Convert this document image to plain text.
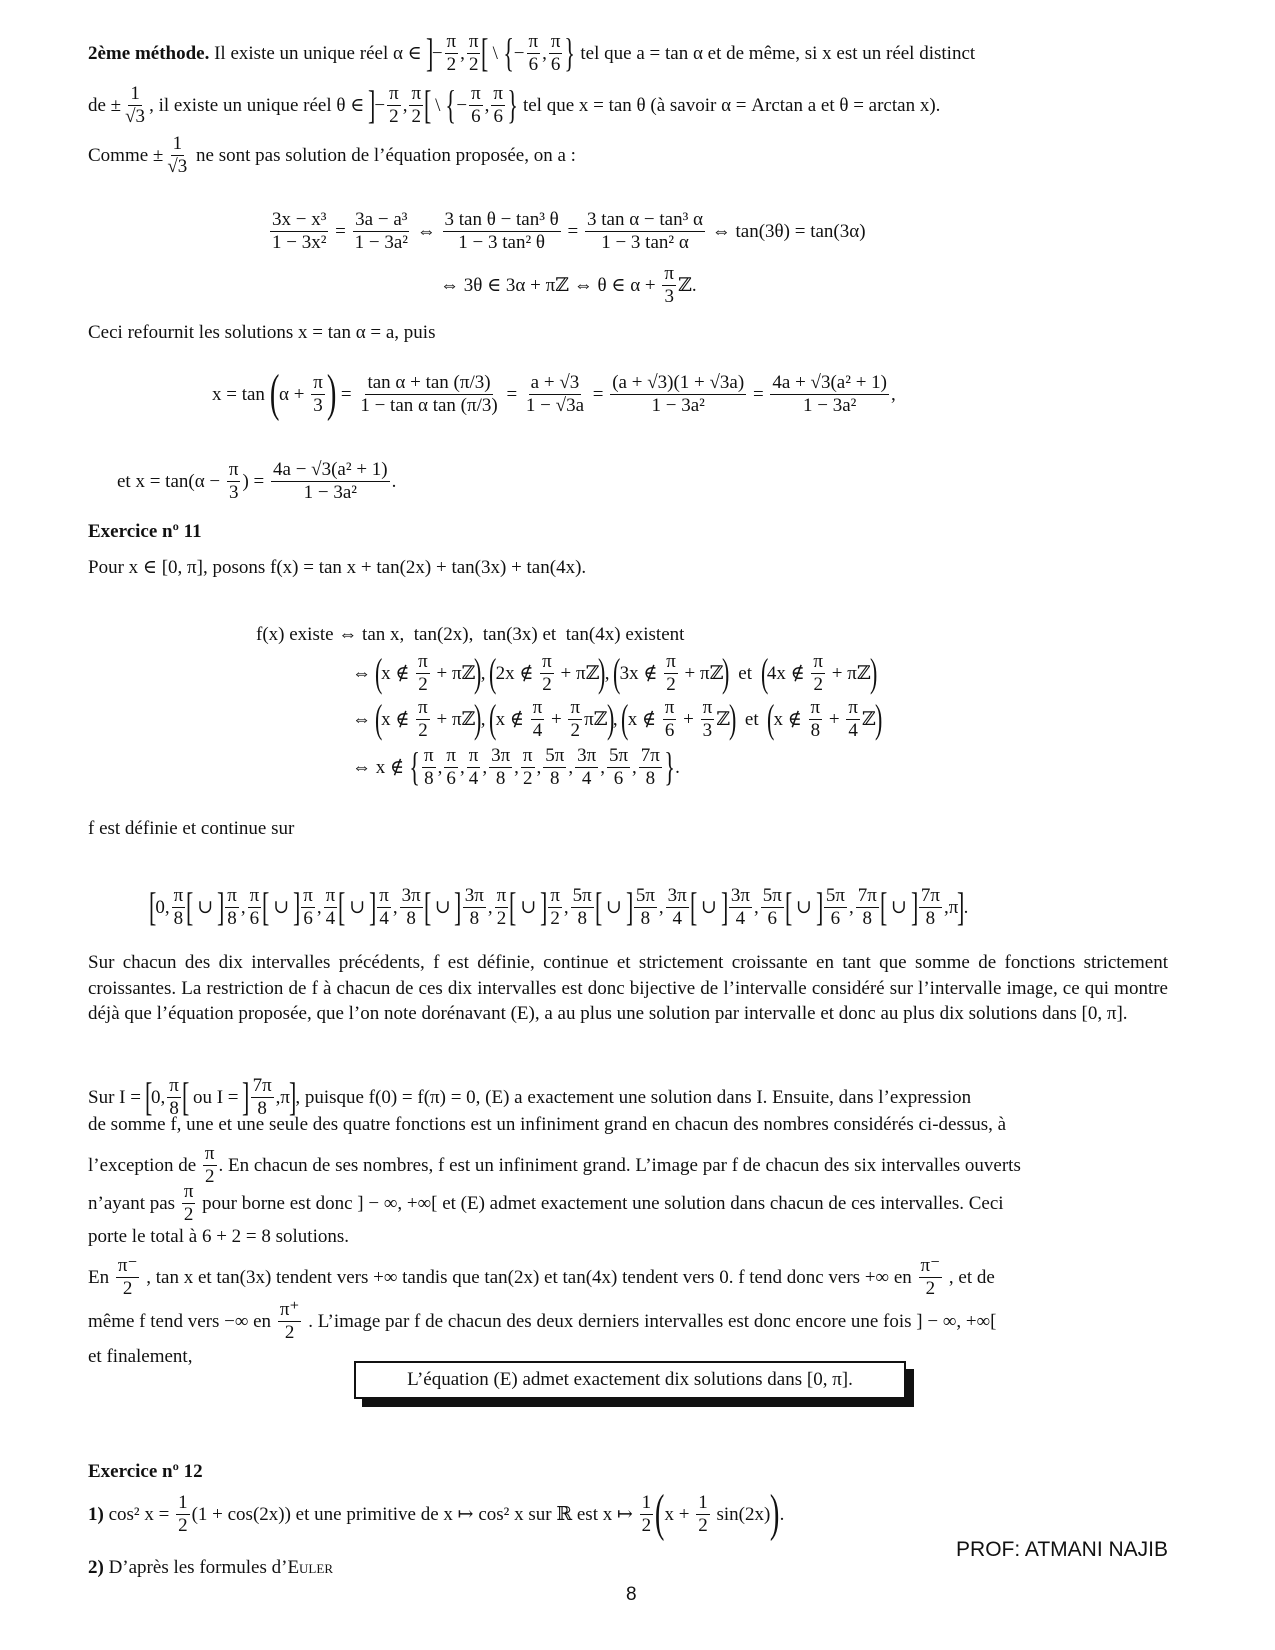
2ème méthode. Il existe un unique réel α ∈ ]− $\frac{\pi}{2}$ , $\frac{\pi}{2}$ [ \ {− $\frac{\pi}{6}$ , $\frac{\pi}{6}$ } tel que a = tan α et de même, si x est un réel distinct
de ± $\frac{1}{√3}$ , il existe un unique réel θ ∈ ]− $\frac{\pi}{2}$ , $\frac{\pi}{2}$ [ \ {− $\frac{\pi}{6}$ , $\frac{\pi}{6}$ } tel que x = tan θ (à savoir α = Arctan a et θ = arctan x).
Comme ± $\frac{1}{√3}$ ne sont pas solution de l’équation proposée, on a :
$\frac{\text{3x − x³}}{\text{1 − 3x²}} = \frac{\text{3a − a³}}{\text{1 − 3a²}}$ ⇔ $\frac{\text{3 tan θ − tan³ θ}}{\text{1 − 3 tan² θ}} = \frac{\text{3 tan α − tan³ α}}{\text{1 − 3 tan² α}}$ ⇔ tan(3θ) = tan(3α)
⇔ 3θ ∈ 3α + πℤ ⇔ θ ∈ $\alpha + \frac{\pi}{3}$ ℤ.
Ceci refournit les solutions x = tan α = a, puis
$x = \tan (\alpha + \frac{\pi}{3}$ ) = $\frac{\text{tan α + tan (π/3)}}{\text{1 − tan α tan (π/3)}} = \frac{a + √3}{1 - √3a} = \frac{(a + √3)(1 + √3a)}{\text{1 − 3a²}} = \frac{\text{4a + √3(a² + 1)}}{\text{1 − 3a²}}$ ,
et $x = \tan(\alpha - \frac{\pi}{3}$ ) = $\frac{\text{4a − √3(a² + 1)}}{\text{1 − 3a²}}$ .
Exercice nº 11
Pour x ∈ [0, π], posons f(x) = tan x + tan(2x) + tan(3x) + tan(4x).
f(x) existe ⇔ tan x,  tan(2x),  tan(3x) et  tan(4x) existent
⇔ (x ∉ $\frac{\pi}{2}$ + πℤ), (2x ∉ $\frac{\pi}{2}$ + πℤ), (3x ∉ $\frac{\pi}{2}$ + πℤ)  et  (4x ∉ $\frac{\pi}{2}$ + πℤ)
⇔ (x ∉ $\frac{\pi}{2}$ + πℤ), (x ∉ $\frac{\pi}{4} + \frac{\pi}{2}$ πℤ), (x ∉ $\frac{\pi}{6} + \frac{\pi}{3}$ ℤ)  et  (x ∉ $\frac{\pi}{8} + \frac{\pi}{4}$ ℤ)
⇔ x ∉ { $\frac{\pi}{8}$ , $\frac{\pi}{6}$ , $\frac{\pi}{4}$ , $\frac{3\pi}{8}$ , $\frac{\pi}{2}$ , $\frac{5\pi}{8}$ , $\frac{3\pi}{4}$ , $\frac{5\pi}{6}$ , $\frac{7\pi}{8}$ }.
f est définie et continue sur
[0, $\frac{\pi}{8}$ [ ∪ ] $\frac{\pi}{8}$ , $\frac{\pi}{6}$ [ ∪ ] $\frac{\pi}{6}$ , $\frac{\pi}{4}$ [ ∪ ] $\frac{\pi}{4}$ , $\frac{3\pi}{8}$ [ ∪ ] $\frac{3\pi}{8}$ , $\frac{\pi}{2}$ [ ∪ ] $\frac{\pi}{2}$ , $\frac{5\pi}{8}$ [ ∪ ] $\frac{5\pi}{8}$ , $\frac{3\pi}{4}$ [ ∪ ] $\frac{3\pi}{4}$ , $\frac{5\pi}{6}$ [ ∪ ] $\frac{5\pi}{6}$ , $\frac{7\pi}{8}$ [ ∪ ] $\frac{7\pi}{8} ,\pi$].
Sur chacun des dix intervalles précédents, f est définie, continue et strictement croissante en tant que somme de fonctions strictement croissantes. La restriction de f à chacun de ces dix intervalles est donc bijective de l’intervalle considéré sur l’intervalle image, ce qui montre déjà que l’équation proposée, que l’on note dorénavant (E), a au plus une solution par intervalle et donc au plus dix solutions dans [0, π].
Sur I = [0, $\frac{\pi}{8}$ [ ou I = ] $\frac{7\pi}{8} ,\pi$], puisque f(0) = f(π) = 0, (E) a exactement une solution dans I. Ensuite, dans l’expression
de somme f, une et une seule des quatre fonctions est un infiniment grand en chacun des nombres considérés ci-dessus, à
l’exception de $\frac{\pi}{2}$ . En chacun de ses nombres, f est un infiniment grand. L’image par f de chacun des six intervalles ouverts
n’ayant pas $\frac{\pi}{2}$ pour borne est donc ] − ∞, +∞[ et (E) admet exactement une solution dans chacun de ces intervalles. Ceci
porte le total à 6 + 2 = 8 solutions.
En $\frac{\pi^-}{2}$ , tan x et tan(3x) tendent vers +∞ tandis que tan(2x) et tan(4x) tendent vers 0. f tend donc vers +∞ en $\frac{\pi^-}{2}$ , et de
même f tend vers −∞ en $\frac{\pi^+}{2}$ . L’image par f de chacun des deux derniers intervalles est donc encore une fois ] − ∞, +∞[
et finalement,
L’équation (E) admet exactement dix solutions dans [0, π].
Exercice nº 12
1) cos² $x = \frac{1}{2} (1 + \cos(2x))$ et une primitive de x ↦ cos² x sur ℝ est x ↦ $\frac{1}{2} (x + \frac{1}{2} \sin(2x))$.
2) D’après les formules d’Euler
PROF: ATMANI NAJIB
8
